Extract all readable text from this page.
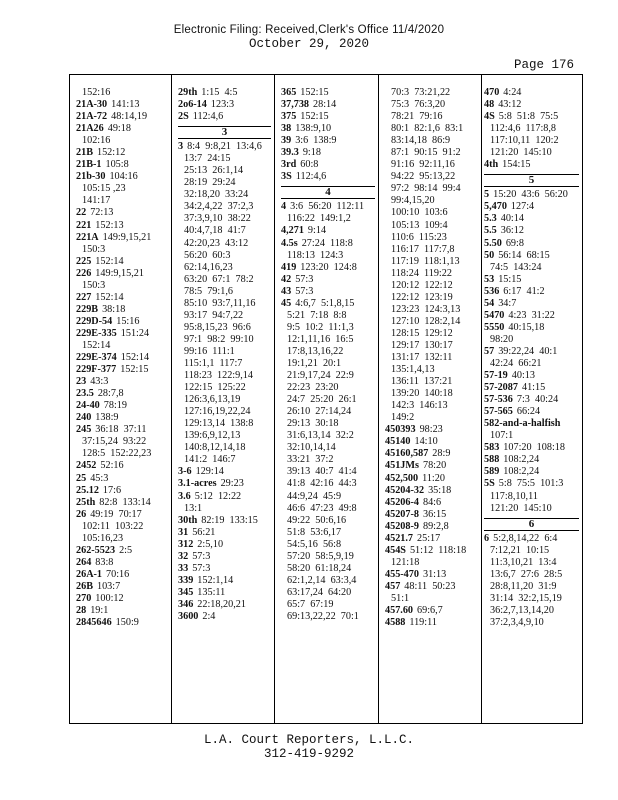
Electronic Filing: Received,Clerk's Office 11/4/2020
October 29, 2020
Page 176
152:16
21A-30 141:13
21A-72 48:14,19
21A26 49:18
102:16
21B 152:12
21B-1 105:8
21b-30 104:16
105:15 ,23
141:17
22 72:13
221 152:13
221A 149:9,15,21
150:3
225 152:14
226 149:9,15,21
150:3
227 152:14
229B 38:18
229D-54 15:16
229E-335 151:24
152:14
229E-374 152:14
229F-377 152:15
23 43:3
23.5 28:7,8
24-40 78:19
240 138:9
245 36:18  37:11
37:15,24  93:22
128:5  152:22,23
2452 52:16
25 45:3
25.12 17:6
25th 82:8  133:14
26 49:19  70:17
102:11  103:22
105:16,23
262-5523 2:5
264 83:8
26A-1 70:16
26B 103:7
270 100:12
28 19:1
2845646 150:9
29th 1:15  4:5
2o6-14 123:3
2S 112:4,6
3
3 8:4  9:8,21  13:4,6
13:7  24:15
25:13  26:1,14
28:19  29:24
32:18,20  33:24
34:2,4,22  37:2,3
37:3,9,10  38:22
40:4,7,18  41:7
42:20,23  43:12
56:20  60:3
62:14,16,23
63:20  67:1  78:2
78:5  79:1,6
85:10  93:7,11,16
93:17  94:7,22
95:8,15,23  96:6
97:1  98:2  99:10
99:16  111:1
115:1,1  117:7
118:23  122:9,14
122:15  125:22
126:3,6,13,19
127:16,19,22,24
129:13,14  138:8
139:6,9,12,13
140:8,12,14,18
141:2  146:7
3-6 129:14
3.1-acres 29:23
3.6 5:12  12:22
13:1
30th 82:19  133:15
31 56:21
312 2:5,10
32 57:3
33 57:3
339 152:1,14
345 135:11
346 22:18,20,21
3600 2:4
365 152:15
37,738 28:14
375 152:15
38 138:9,10
39 3:6  138:9
39.3 9:18
3rd 60:8
3S 112:4,6
4
4 3:6  56:20  112:11
116:22  149:1,2
4,271 9:14
4.5s 27:24  118:8
118:13  124:3
419 123:20  124:8
42 57:3
43 57:3
45 4:6,7  5:1,8,15
5:21  7:18  8:8
9:5  10:2  11:1,3
12:1,11,16  16:5
17:8,13,16,22
19:1,21  20:1
21:9,17,24  22:9
22:23  23:20
24:7  25:20  26:1
26:10  27:14,24
29:13  30:18
31:6,13,14  32:2
32:10,14,14
33:21  37:2
39:13  40:7  41:4
41:8  42:16  44:3
44:9,24  45:9
46:6  47:23  49:8
49:22  50:6,16
51:8  53:6,17
54:5,16  56:8
57:20  58:5,9,19
58:20  61:18,24
62:1,2,14  63:3,4
63:17,24  64:20
65:7  67:19
69:13,22,22  70:1
70:3  73:21,22
75:3  76:3,20
78:21  79:16
80:1  82:1,6  83:1
83:14,18  86:9
87:1  90:15  91:2
91:16  92:11,16
94:22  95:13,22
97:2  98:14  99:4
99:4,15,20
100:10  103:6
105:13  109:4
110:6  115:23
116:17  117:7,8
117:19  118:1,13
118:24  119:22
120:12  122:12
122:12  123:19
123:23  124:3,13
127:10  128:2,14
128:15  129:12
129:17  130:17
131:17  132:11
135:1,4,13
136:11  137:21
139:20  140:18
142:3  146:13
149:2
450393 98:23
45140 14:10
45160,587 28:9
451JMs 78:20
452,500 11:20
45204-32 35:18
45206-4 84:6
45207-8 36:15
45208-9 89:2,8
4521.7 25:17
454S 51:12  118:18
121:18
455-470 31:13
457 48:11  50:23
51:1
457.60 69:6,7
4588 119:11
470 4:24
48 43:12
4S 5:8  51:8  75:5
112:4,6  117:8,8
117:10,11  120:2
121:20  145:10
4th 154:15
5
5 15:20  43:6  56:20
5,470 127:4
5.3 40:14
5.5 36:12
5.50 69:8
50 56:14  68:15
74:5  143:24
53 15:15
536 6:17  41:2
54 34:7
5470 4:23  31:22
5550 40:15,18
98:20
57 39:22,24  40:1
42:24  66:21
57-19 40:13
57-2087 41:15
57-536 7:3  40:24
57-565 66:24
582-and-a-halfish
107:1
583 107:20  108:18
588 108:2,24
589 108:2,24
5S 5:8  75:5  101:3
117:8,10,11
121:20  145:10
6
6 5:2,8,14,22  6:4
7:12,21  10:15
11:3,10,21  13:4
13:6,7  27:6  28:5
28:8,11,20  31:9
31:14  32:2,15,19
36:2,7,13,14,20
37:2,3,4,9,10
L.A. Court Reporters, L.L.C.
312-419-9292
